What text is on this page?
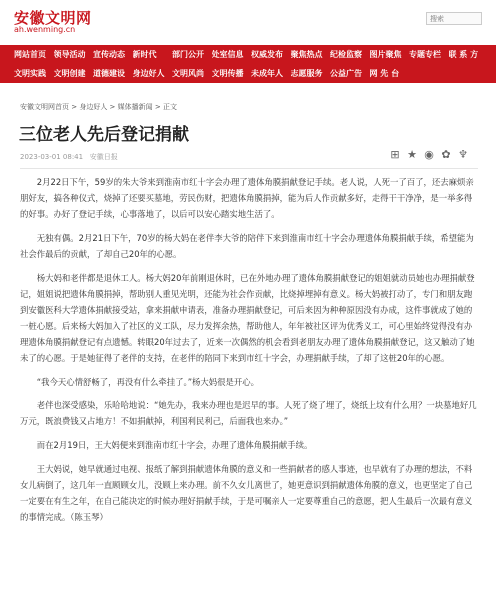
安徽文明网
ah.wenming.cn
搜索
网站首页 领导活动 宣传动态 新时代	部门公开 处室信息 权威发布 聚焦热点 纪检监察 图片聚焦 专题专栏 联 系 方
文明实践 文明创建 道德建设 身边好人 文明风尚 文明传播 未成年人 志愿服务 公益广告 网 先 台
安徽文明网首页 > 身边好人 > 媒体播新闻 > 正文
三位老人先后登记捐献
2023-03-01 08:41 安徽日报	⊞ ★ ◉ ✿ ♆

2月22日下午，59岁的朱大爷来到淮南市红十字会办理了遗体角膜捐献登记手续。老人说，人死一了百了，还去麻烦亲朋好友，搞各种仪式，烧掉了还要买墓地，劳民伤财，把遗体角膜捐掉，能为后人作贡献多好，走得干干净净，是一举多得的好事。办好了登记手续，心事落地了，以后可以安心踏实地生活了。

无独有偶。2月21日下午，70岁的杨大妈在老伴李大爷的陪伴下来到淮南市红十字会办理遗体角膜捐献手续，希望能为社会作最后的贡献，了却自己20年的心愿。

杨大妈和老伴都是退休工人。杨大妈20年前刚退休时，已在外地办理了遗体角膜捐献登记的姐姐就动员她也办理捐献登记，姐姐说把遗体角膜捐掉，帮助别人重见光明，还能为社会作贡献，比烧掉埋掉有意义。杨大妈被打动了，专门和朋友跑到安徽医科大学遗体捐献接受站，拿来捐献申请表，准备办理捐献登记，可后来因为种种原因没有办成，这件事就成了她的一桩心愿。后来杨大妈加入了社区的义工队，尽力发挥余热，帮助他人，年年被社区评为优秀义工，可心里始终觉得没有办理遗体角膜捐献登记有点遗憾。转眼20年过去了，近来一次偶然的机会看到老朋友办理了遗体角膜捐献登记，这又触动了她未了的心愿。于是她征得了老伴的支持，在老伴的陪同下来到市红十字会，办理捐献手续，了却了这桩20年的心愿。

“我今天心情舒畅了，再没有什么牵挂了。”杨大妈很是开心。

老伴也深受感染，乐哈哈地说：“她先办，我来办理也是迟早的事。人死了烧了埋了，烧纸上坟有什么用？一块墓地好几万元，既浪费钱又占地方！不如捐献掉，利国利民利己，后面我也来办。”

而在2月19日，王大妈便来到淮南市红十字会，办理了遗体角膜捐献手续。

王大妈说，她早就通过电视、报纸了解到捐献遗体角膜的意义和一些捐献者的感人事迹，也早就有了办理的想法，不料女儿病倒了，这几年一直顾顾女儿，没顾上来办理。前不久女儿离世了，她更意识到捐献遗体角膜的意义，也更坚定了自己一定要在有生之年，在自己能决定的时候办理好捐献手续，于是可嘱亲人一定要尊重自己的意愿，把人生最后一次最有意义的事情完成。（陈玉琴）
